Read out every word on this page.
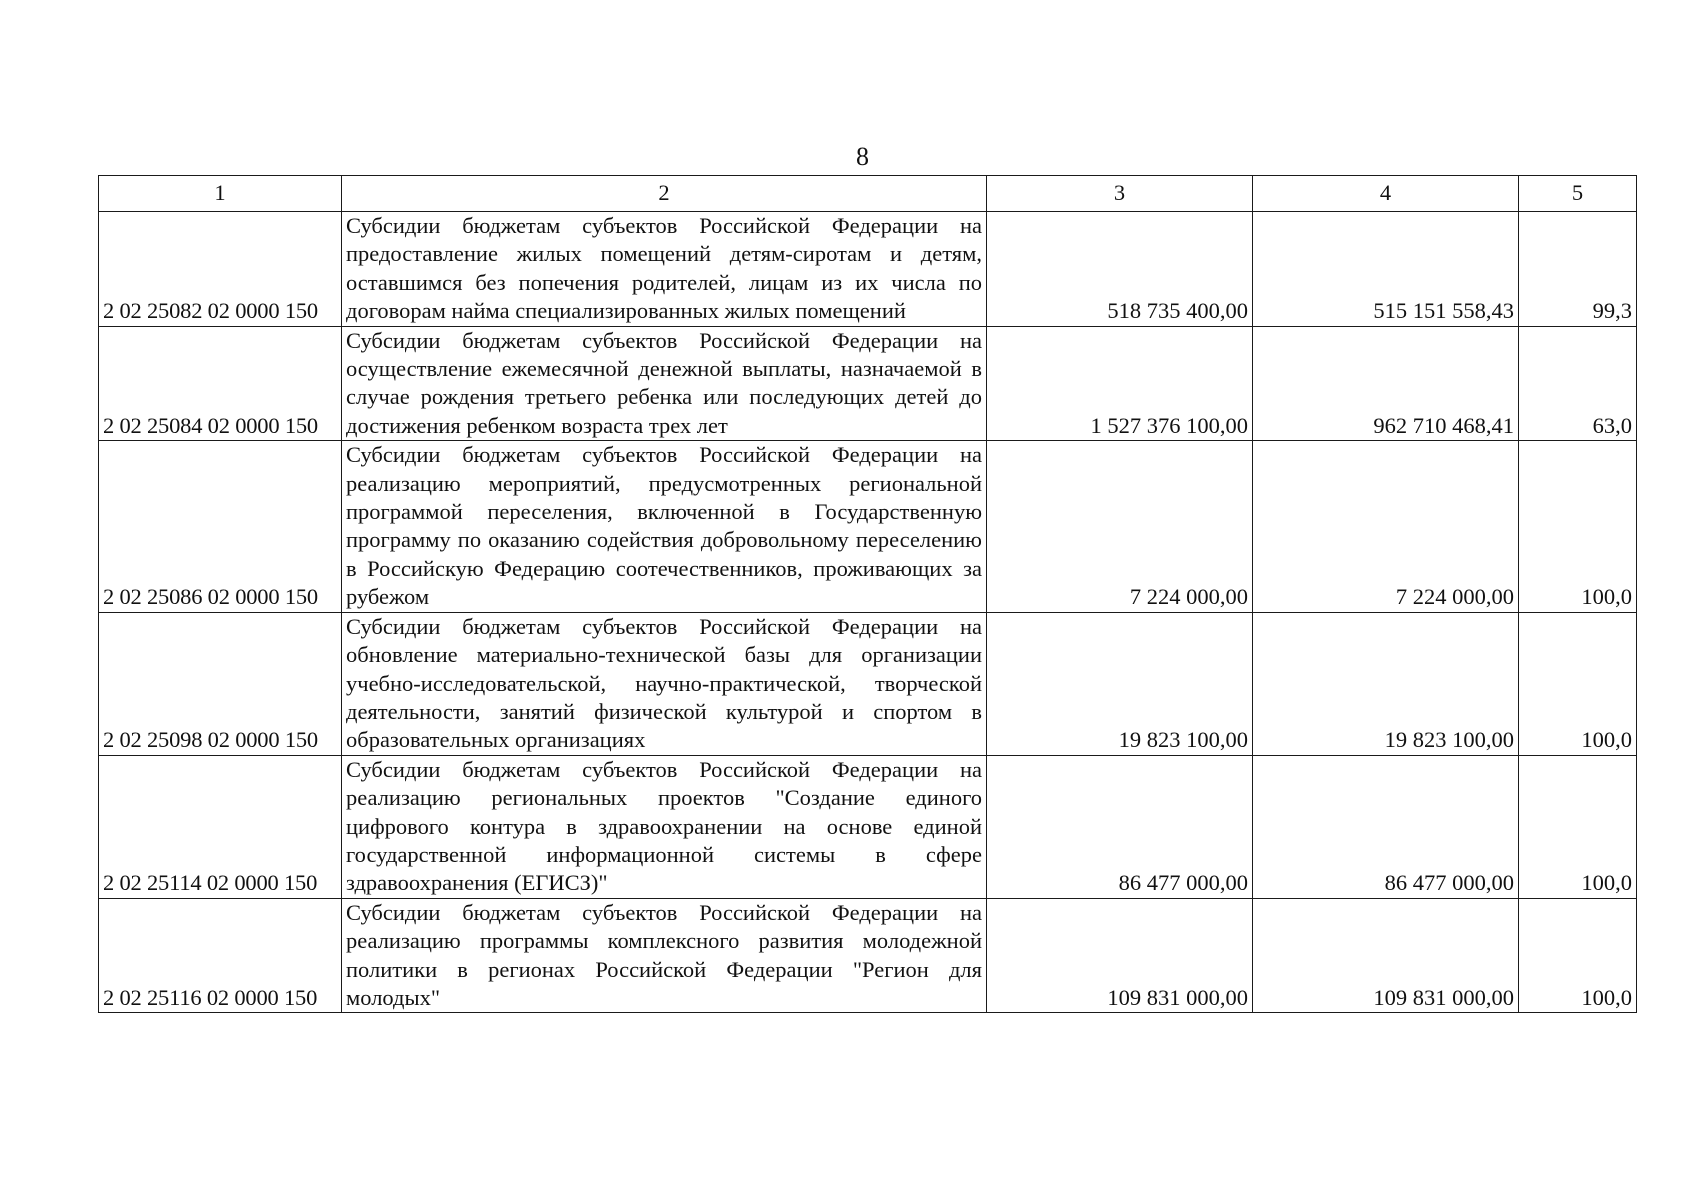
8
1	2	3	4	5
2 02 25082 02 0000 150	Субсидии бюджетам субъектов Российской Федерации на предоставление жилых помещений детям-сиротам и детям, оставшимся без попечения родителей, лицам из их числа по договорам найма специализированных жилых помещений	518 735 400,00	515 151 558,43	99,3
2 02 25084 02 0000 150	Субсидии бюджетам субъектов Российской Федерации на осуществление ежемесячной денежной выплаты, назначаемой в случае рождения третьего ребенка или последующих детей до достижения ребенком возраста трех лет	1 527 376 100,00	962 710 468,41	63,0
2 02 25086 02 0000 150	Субсидии бюджетам субъектов Российской Федерации на реализацию мероприятий, предусмотренных региональной программой переселения, включенной в Государственную программу по оказанию содействия добровольному переселению в Российскую Федерацию соотечественников, проживающих за рубежом	7 224 000,00	7 224 000,00	100,0
2 02 25098 02 0000 150	Субсидии бюджетам субъектов Российской Федерации на обновление материально-технической базы для организации учебно-исследовательской, научно-практической, творческой деятельности, занятий физической культурой и спортом в образовательных организациях	19 823 100,00	19 823 100,00	100,0
2 02 25114 02 0000 150	Субсидии бюджетам субъектов Российской Федерации на реализацию региональных проектов "Создание единого цифрового контура в здравоохранении на основе единой государственной информационной системы в сфере здравоохранения (ЕГИСЗ)"	86 477 000,00	86 477 000,00	100,0
2 02 25116 02 0000 150	Субсидии бюджетам субъектов Российской Федерации на реализацию программы комплексного развития молодежной политики в регионах Российской Федерации "Регион для молодых"	109 831 000,00	109 831 000,00	100,0
